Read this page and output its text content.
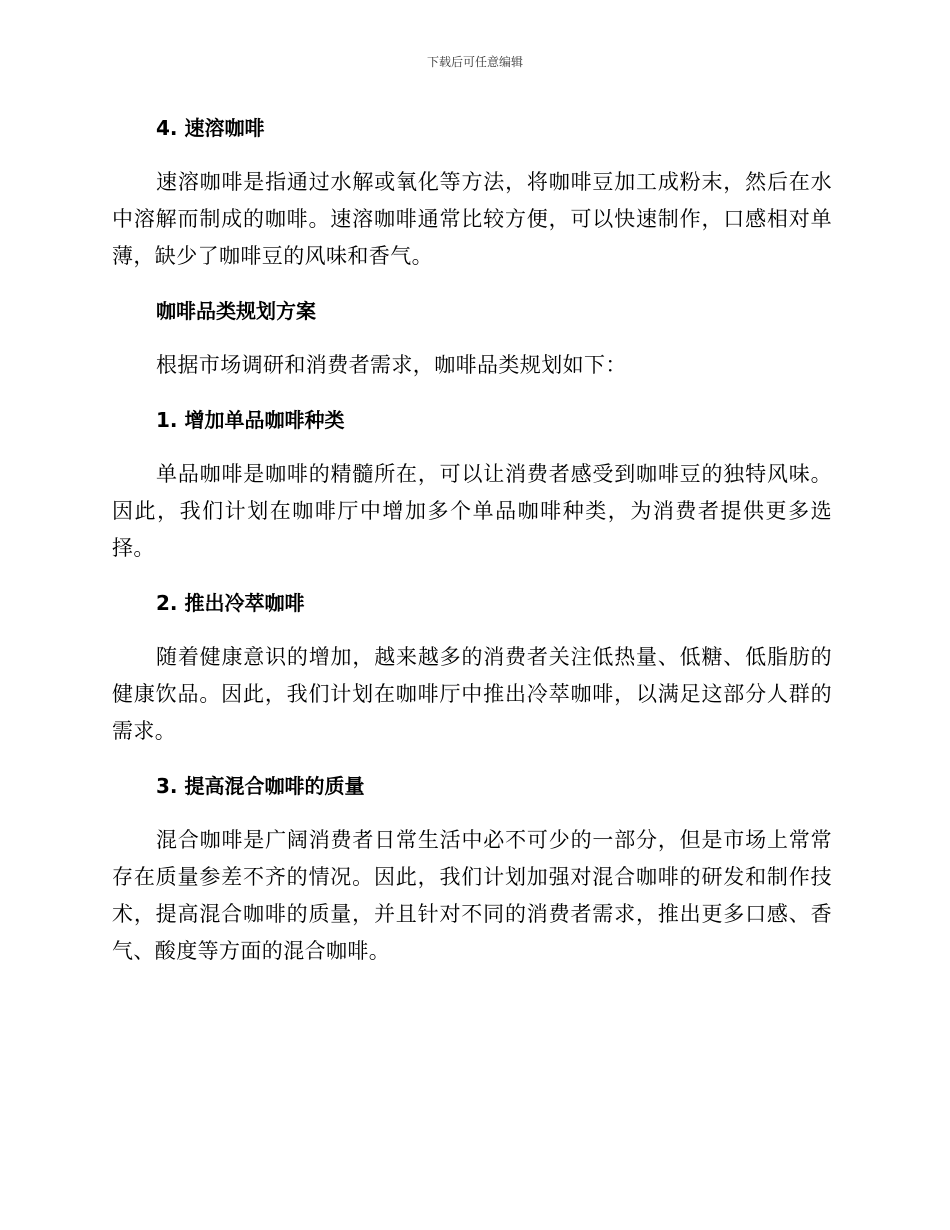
下载后可任意编辑
4. 速溶咖啡

速溶咖啡是指通过水解或氧化等方法，将咖啡豆加工成粉末，然后在水中溶解而制成的咖啡。速溶咖啡通常比较方便，可以快速制作，口感相对单薄，缺少了咖啡豆的风味和香气。

咖啡品类规划方案

根据市场调研和消费者需求，咖啡品类规划如下：

1. 增加单品咖啡种类

单品咖啡是咖啡的精髓所在，可以让消费者感受到咖啡豆的独特风味。因此，我们计划在咖啡厅中增加多个单品咖啡种类，为消费者提供更多选择。

2. 推出冷萃咖啡

随着健康意识的增加，越来越多的消费者关注低热量、低糖、低脂肪的健康饮品。因此，我们计划在咖啡厅中推出冷萃咖啡，以满足这部分人群的需求。

3. 提高混合咖啡的质量

混合咖啡是广阔消费者日常生活中必不可少的一部分，但是市场上常常存在质量参差不齐的情况。因此，我们计划加强对混合咖啡的研发和制作技术，提高混合咖啡的质量，并且针对不同的消费者需求，推出更多口感、香气、酸度等方面的混合咖啡。
